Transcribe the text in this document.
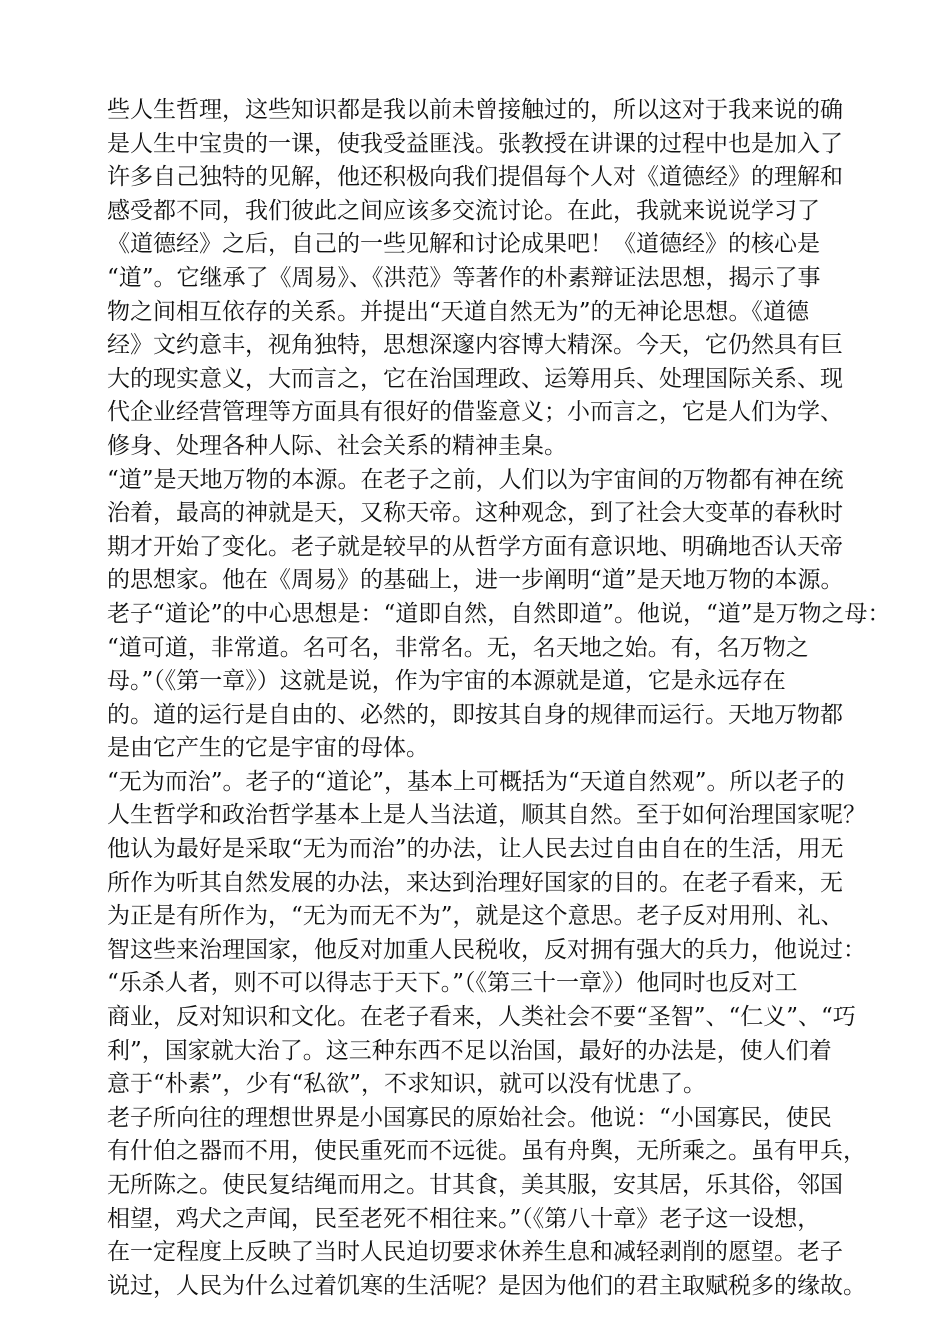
些人生哲理，这些知识都是我以前未曾接触过的，所以这对于我来说的确
是人生中宝贵的一课，使我受益匪浅。张教授在讲课的过程中也是加入了
许多自己独特的见解，他还积极向我们提倡每个人对《道德经》的理解和
感受都不同，我们彼此之间应该多交流讨论。在此，我就来说说学习了
《道德经》之后，自己的一些见解和讨论成果吧！《道德经》的核心是
“道”。它继承了《周易》、《洪范》等著作的朴素辩证法思想，揭示了事
物之间相互依存的关系。并提出“天道自然无为”的无神论思想。《道德
经》文约意丰，视角独特，思想深邃内容博大精深。今天，它仍然具有巨
大的现实意义，大而言之，它在治国理政、运筹用兵、处理国际关系、现
代企业经营管理等方面具有很好的借鉴意义；小而言之，它是人们为学、
修身、处理各种人际、社会关系的精神圭臬。
“道”是天地万物的本源。在老子之前，人们以为宇宙间的万物都有神在统
治着，最高的神就是天，又称天帝。这种观念，到了社会大变革的春秋时
期才开始了变化。老子就是较早的从哲学方面有意识地、明确地否认天帝
的思想家。他在《周易》的基础上，进一步阐明“道”是天地万物的本源。
老子“道论”的中心思想是：“道即自然，自然即道”。他说，“道”是万物之母：
“道可道，非常道。名可名，非常名。无，名天地之始。有，名万物之
母。”（《第一章》）这就是说，作为宇宙的本源就是道，它是永远存在
的。道的运行是自由的、必然的，即按其自身的规律而运行。天地万物都
是由它产生的它是宇宙的母体。
“无为而治”。老子的“道论”，基本上可概括为“天道自然观”。所以老子的
人生哲学和政治哲学基本上是人当法道，顺其自然。至于如何治理国家呢？
他认为最好是采取“无为而治”的办法，让人民去过自由自在的生活，用无
所作为听其自然发展的办法，来达到治理好国家的目的。在老子看来，无
为正是有所作为，“无为而无不为”，就是这个意思。老子反对用刑、礼、
智这些来治理国家，他反对加重人民税收，反对拥有强大的兵力，他说过：
“乐杀人者，则不可以得志于天下。”（《第三十一章》）他同时也反对工
商业，反对知识和文化。在老子看来，人类社会不要“圣智”、“仁义”、“巧
利”，国家就大治了。这三种东西不足以治国，最好的办法是，使人们着
意于“朴素”，少有“私欲”，不求知识，就可以没有忧患了。
老子所向往的理想世界是小国寡民的原始社会。他说：“小国寡民，使民
有什伯之器而不用，使民重死而不远徙。虽有舟舆，无所乘之。虽有甲兵，
无所陈之。使民复结绳而用之。甘其食，美其服，安其居，乐其俗，邻国
相望，鸡犬之声闻，民至老死不相往来。”（《第八十章》老子这一设想，
在一定程度上反映了当时人民迫切要求休养生息和减轻剥削的愿望。老子
说过，人民为什么过着饥寒的生活呢？是因为他们的君主取赋税多的缘故。
